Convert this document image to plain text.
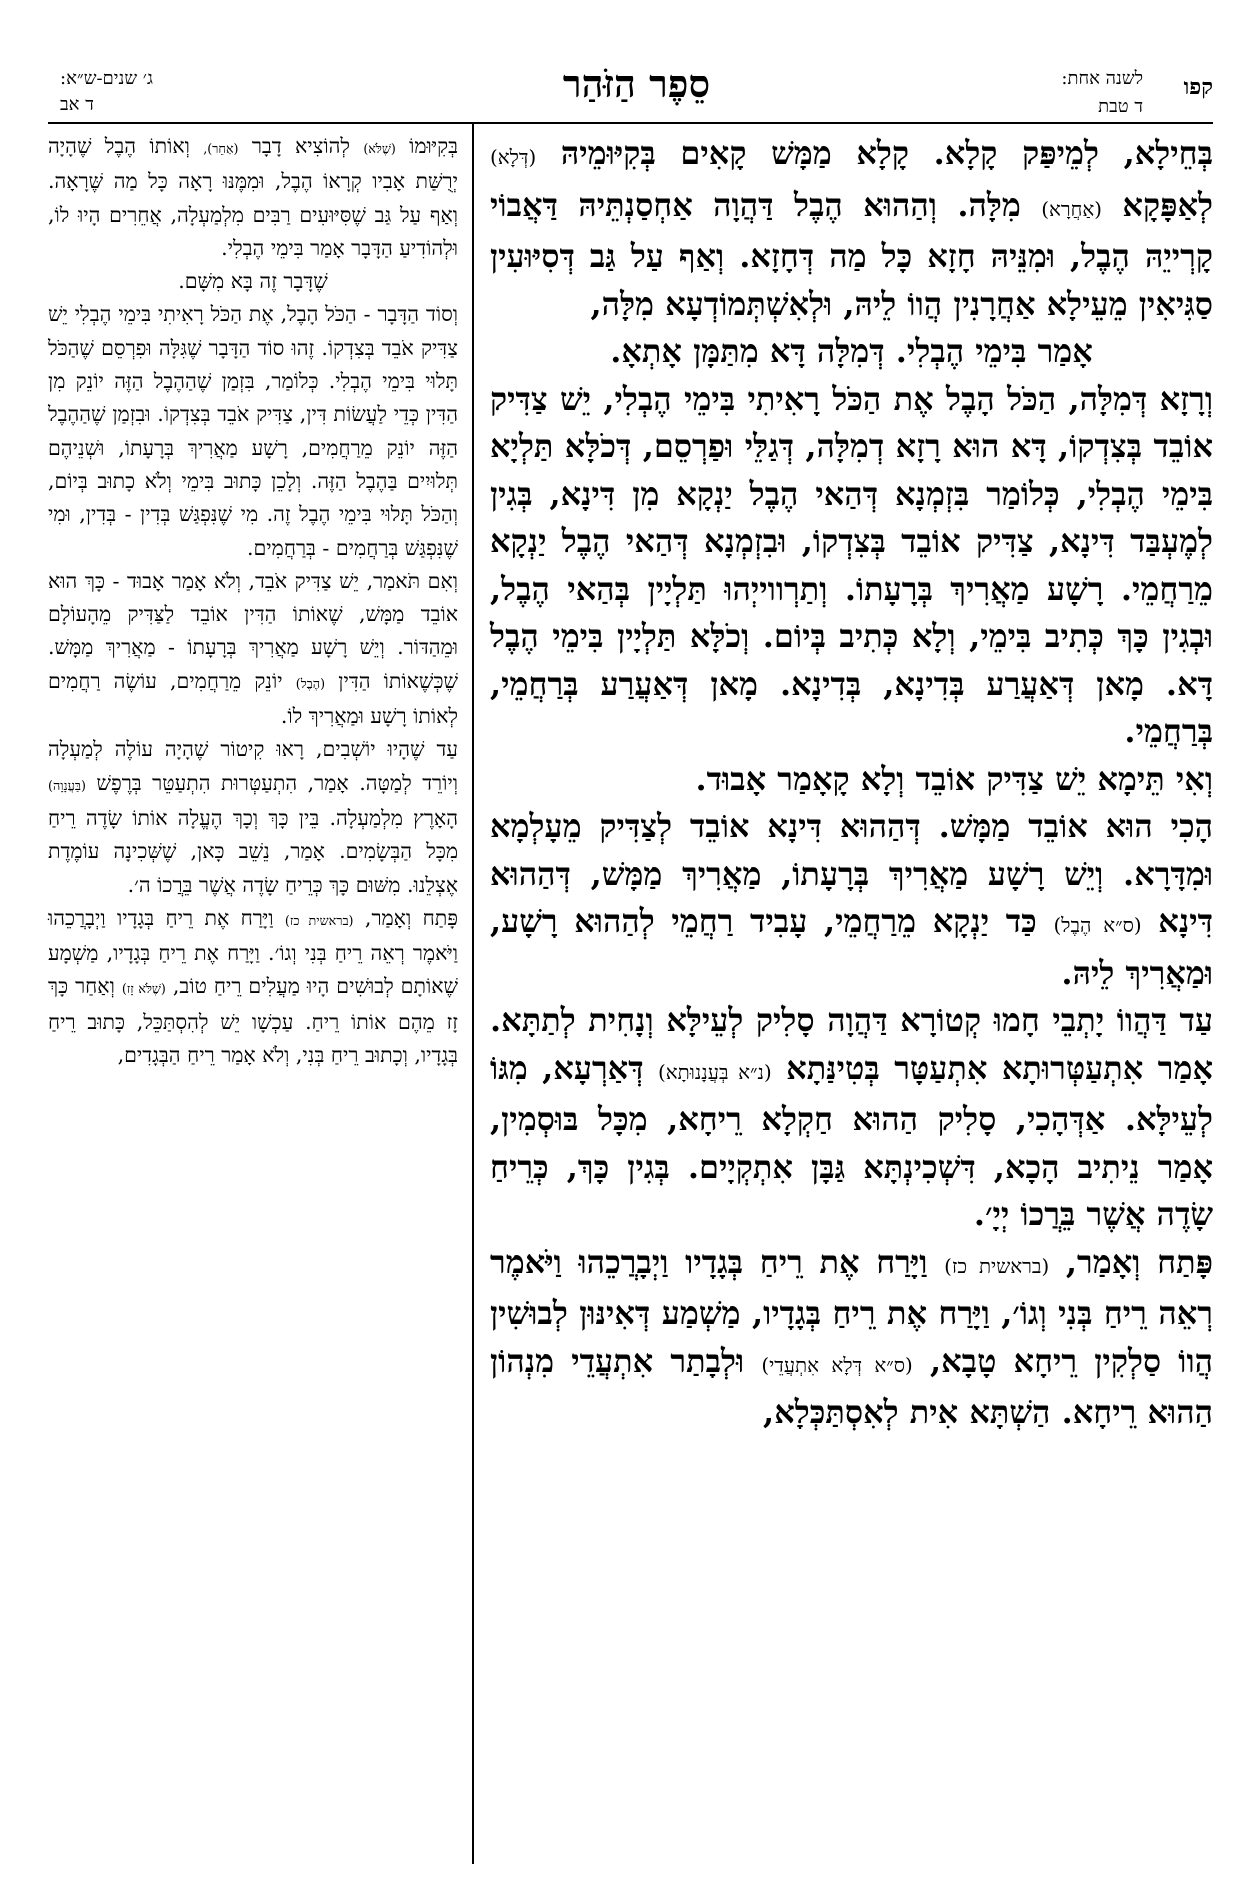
סֵפֶר הַזֹּהַר	קפו
לשנה אחת:
ד טבת
ג׳ שנים-ש״א:
ד אב

בְּחֵילָא, לְמֵיפַּק קָלָא. קָלָא מַמָּשׁ קָאִים בְּקִיּוּמֵיהּ (דְּלָא) לְאַפָּקָא (אַחֲרָא) מִלָּה. וְהַהוּא הֶבֶל דַּהֲוָה אַחְסַנְתֵּיהּ דַּאֲבוֹי קָרְייֵהּ הֶבֶל, וּמִנֵּיהּ חָזָא כָּל מַה דְּחָזָא. וְאַף עַל גַּב דְּסִיּוּעִין סַגִּיאִין מֵעֵילָא אַחֲרָנִין הֲווֹ לֵיהּ, וּלְאִשְׁתְּמוֹדְעָא מִלָּה,

אָמַר בִּימֵי הֶבְלִי. דְּמִלָּה דָּא מִתַּמָּן אָתְאָ.

וְרָזָא דְּמִלָּה, הַכֹּל הָבֶל אֶת הַכֹּל רָאִיתִי בִּימֵי הֶבְלִי, יֵשׁ צַדִּיק אוֹבֵד בְּצִדְקוֹ, דָּא הוּא רָזָא דְמִלָּה, דְּגַלֵּי וּפַרְסֵם, דְּכֹלָּא תַּלְיָא בִּימֵי הֶבְלִי, כְּלוֹמַר בִּזְמְנָא דְּהַאי הֶבֶל יַנְקָא מִן דִּינָא, בְּגִין לְמֶעְבַּד דִּינָא, צַדִּיק אוֹבֵד בְּצִדְקוֹ, וּבִזְמְנָא דְּהַאי הֶבֶל יַנְקָא מֵרַחֲמֵי. רָשָׁע מַאֲרִיךְ בְּרָעָתוֹ. וְתַרְווייְהוּ תַּלְיָין בְּהַאי הֶבֶל, וּבְגִין כָּךְ כְּתִיב בִּימֵי, וְלָא כְּתִיב בְּיוֹם. וְכֹלָּא תַּלְיָין בִּימֵי הֶבֶל דָּא. מָאן דְּאַעֲרַע בְּדִינָא, בְּדִינָא. מָאן דְּאַעֲרַע בְּרַחֲמֵי, בְּרַחֲמֵי.

וְאִי תֵּימָא יֵשׁ צַדִּיק אוֹבֵד וְלָא קָאָמַר אָבוּד.

הָכִי הוּא אוֹבֵד מַמָּשׁ. דְּהַהוּא דִּינָא אוֹבֵד לְצַדִּיק מֵעָלְמָא וּמִדָּרָא. וְיֵשׁ רָשָׁע מַאֲרִיךְ בְּרָעָתוֹ, מַאֲרִיךְ מַמָּשׁ, דְּהַהוּא דִּינָא (ס״א הֶבֶל) כַּד יַנְקָא מֵרַחֲמֵי, עָבִיד רַחֲמֵי לְהַהוּא רָשָׁע, וּמַאֲרִיךְ לֵיהּ.

עַד דַּהֲווֹ יָתְבֵי חָמוּ קְטוֹרָא דַּהֲוָה סָלִיק לְעֵילָּא וְנָחִית לְתַתָּא. אָמַר אִתְעַטְּרוּתָא אִתְעַטָּר בְּטִינַּתָא (נ״א בְּעֲנָנוּתָא) דְּאַרְעָא, מִגּוֹ לְעֵילָּא. אַדְּהָכִי, סָלִיק הַהוּא חַקְלָא רֵיחָא, מִכָּל בּוּסְמִין, אָמַר נֵיתִיב הָכָא, דִּשְׁכִינְתָּא גַּבָּן אִתְקְיָים. בְּגִין כָּךְ, כְּרֵיחַ שָׂדֶה אֲשֶׁר בֵּרֲכוֹ יְיָ׳.

פָּתַח וְאָמַר, (בראשית כז) וַיָּרַח אֶת רֵיחַ בְּגָדָיו וַיְבָרֲכֵהוּ וַיֹּאמֶר רְאֵה רֵיחַ בְּנִי וְגוֹ׳, וַיָּרַח אֶת רֵיחַ בְּגָדָיו, מַשְׁמַע דְּאִינּוּן לְבוּשִׁין הֲווֹ סַלְקִין רֵיחָא טָבָא, (ס״א דְּלָא אִתְעֲדֵי) וּלְבָתַר אִתְעֲדֵי מִנְהוֹן הַהוּא רֵיחָא. הַשְׁתָּא אִית לְאִסְתַּכְּלָא,

בְּקִיּוּמוֹ (שֶׁלֹּא) לְהוֹצִיא דָבָר (אַחֵר), וְאוֹתוֹ הֶבֶל שֶׁהָיָה יְרֻשַּׁת אָבִיו קְרָאוֹ הֶבֶל, וּמִמֶּנּוּ רָאָה כָּל מַה שֶּׁרָאָה. וְאַף עַל גַּב שֶׁסִּיּוּעִים רַבִּים מִלְמַעְלָה, אֲחֵרִים הָיוּ לוֹ, וּלְהוֹדִיעַ הַדָּבָר אָמַר בִּימֵי הֶבְלִי.

שֶׁדָּבָר זֶה בָּא מִשָּׁם.

וְסוֹד הַדָּבָר - הַכֹּל הָבֶל, אֶת הַכֹּל רָאִיתִי בִּימֵי הֶבְלִי יֵשׁ צַדִּיק אֹבֵד בְּצִדְקוֹ. זֶהוּ סוֹד הַדָּבָר שֶׁגִּלָּה וּפִרְסֵם שֶׁהַכֹּל תָּלוּי בִּימֵי הֶבְלִי. כְּלוֹמַר, בִּזְמַן שֶׁהַהֶבֶל הַזֶּה יוֹנֵק מִן הַדִּין כְּדֵי לַעֲשׂוֹת דִּין, צַדִּיק אֹבֵד בְּצִדְקוֹ. וּבִזְמַן שֶׁהַהֶבֶל הַזֶּה יוֹנֵק מֵרַחֲמִים, רָשָׁע מַאֲרִיךְ בְּרָעָתוֹ, וּשְׁנֵיהֶם תְּלוּיִים בַּהֶבֶל הַזֶּה. וְלָכֵן כָּתוּב בִּימֵי וְלֹא כָתוּב בְּיוֹם, וְהַכֹּל תָּלוּי בִּימֵי הֶבֶל זֶה. מִי שֶׁנִּפְגַּשׁ בְּדִין - בְּדִין, וּמִי שֶׁנִּפְגַּשׁ בְּרַחֲמִים - בְּרַחֲמִים.

וְאִם תֹּאמַר, יֵשׁ צַדִּיק אֹבֵד, וְלֹא אָמַר אָבוּד - כָּךְ הוּא אוֹבֵד מַמָּשׁ, שֶׁאוֹתוֹ הַדִּין אוֹבֵד לַצַּדִּיק מֵהָעוֹלָם וּמֵהַדּוֹר. וְיֵשׁ רָשָׁע מַאֲרִיךְ בְּרָעָתוֹ - מַאֲרִיךְ מַמָּשׁ. שֶׁכְּשֶׁאוֹתוֹ הַדִּין (הֶבֶל) יוֹנֵק מֵרַחֲמִים, עוֹשֶׂה רַחֲמִים לְאוֹתוֹ רָשָׁע וּמַאֲרִיךְ לוֹ.

עַד שֶׁהָיוּ יוֹשְׁבִים, רָאוּ קִיטוֹר שֶׁהָיָה עוֹלֶה לְמַעְלָה וְיוֹרֵד לְמַטָּה. אָמַר, הִתְעַטְּרוּת הִתְעַטֵּר בְּרֶפֶשׁ (בַּעֲנָוָה) הָאָרֶץ מִלְמַעְלָה. בֵּין כָּךְ וְכָךְ הֶעֱלָה אוֹתוֹ שָׂדֶה רֵיחַ מִכָּל הַבְּשָׂמִים. אָמַר, נֵשֵׁב כָּאן, שֶׁשְּׁכִינָה עוֹמֶדֶת אֶצְלֵנוּ. מִשּׁוּם כָּךְ כְּרֵיחַ שָׂדֶה אֲשֶׁר בֵּרֲכוֹ ה׳.

פָּתַח וְאָמַר, (בראשית כז) וַיָּרַח אֶת רֵיחַ בְּגָדָיו וַיְבָרֲכֵהוּ וַיֹּאמֶר רְאֵה רֵיחַ בְּנִי וְגוֹ׳. וַיָּרַח אֶת רֵיחַ בְּגָדָיו, מַשְׁמָע שֶׁאוֹתָם לְבוּשִׁים הָיוּ מַעֲלִים רֵיחַ טוֹב, (שֶׁלֹּא זָז) וְאַחַר כָּךְ זָז מֵהֶם אוֹתוֹ רֵיחַ. עַכְשָׁו יֵשׁ לְהִסְתַּכֵּל, כָּתוּב רֵיחַ בְּגָדָיו, וְכָתוּב רֵיחַ בְּנִי, וְלֹא אָמַר רֵיחַ הַבְּגָדִים,
